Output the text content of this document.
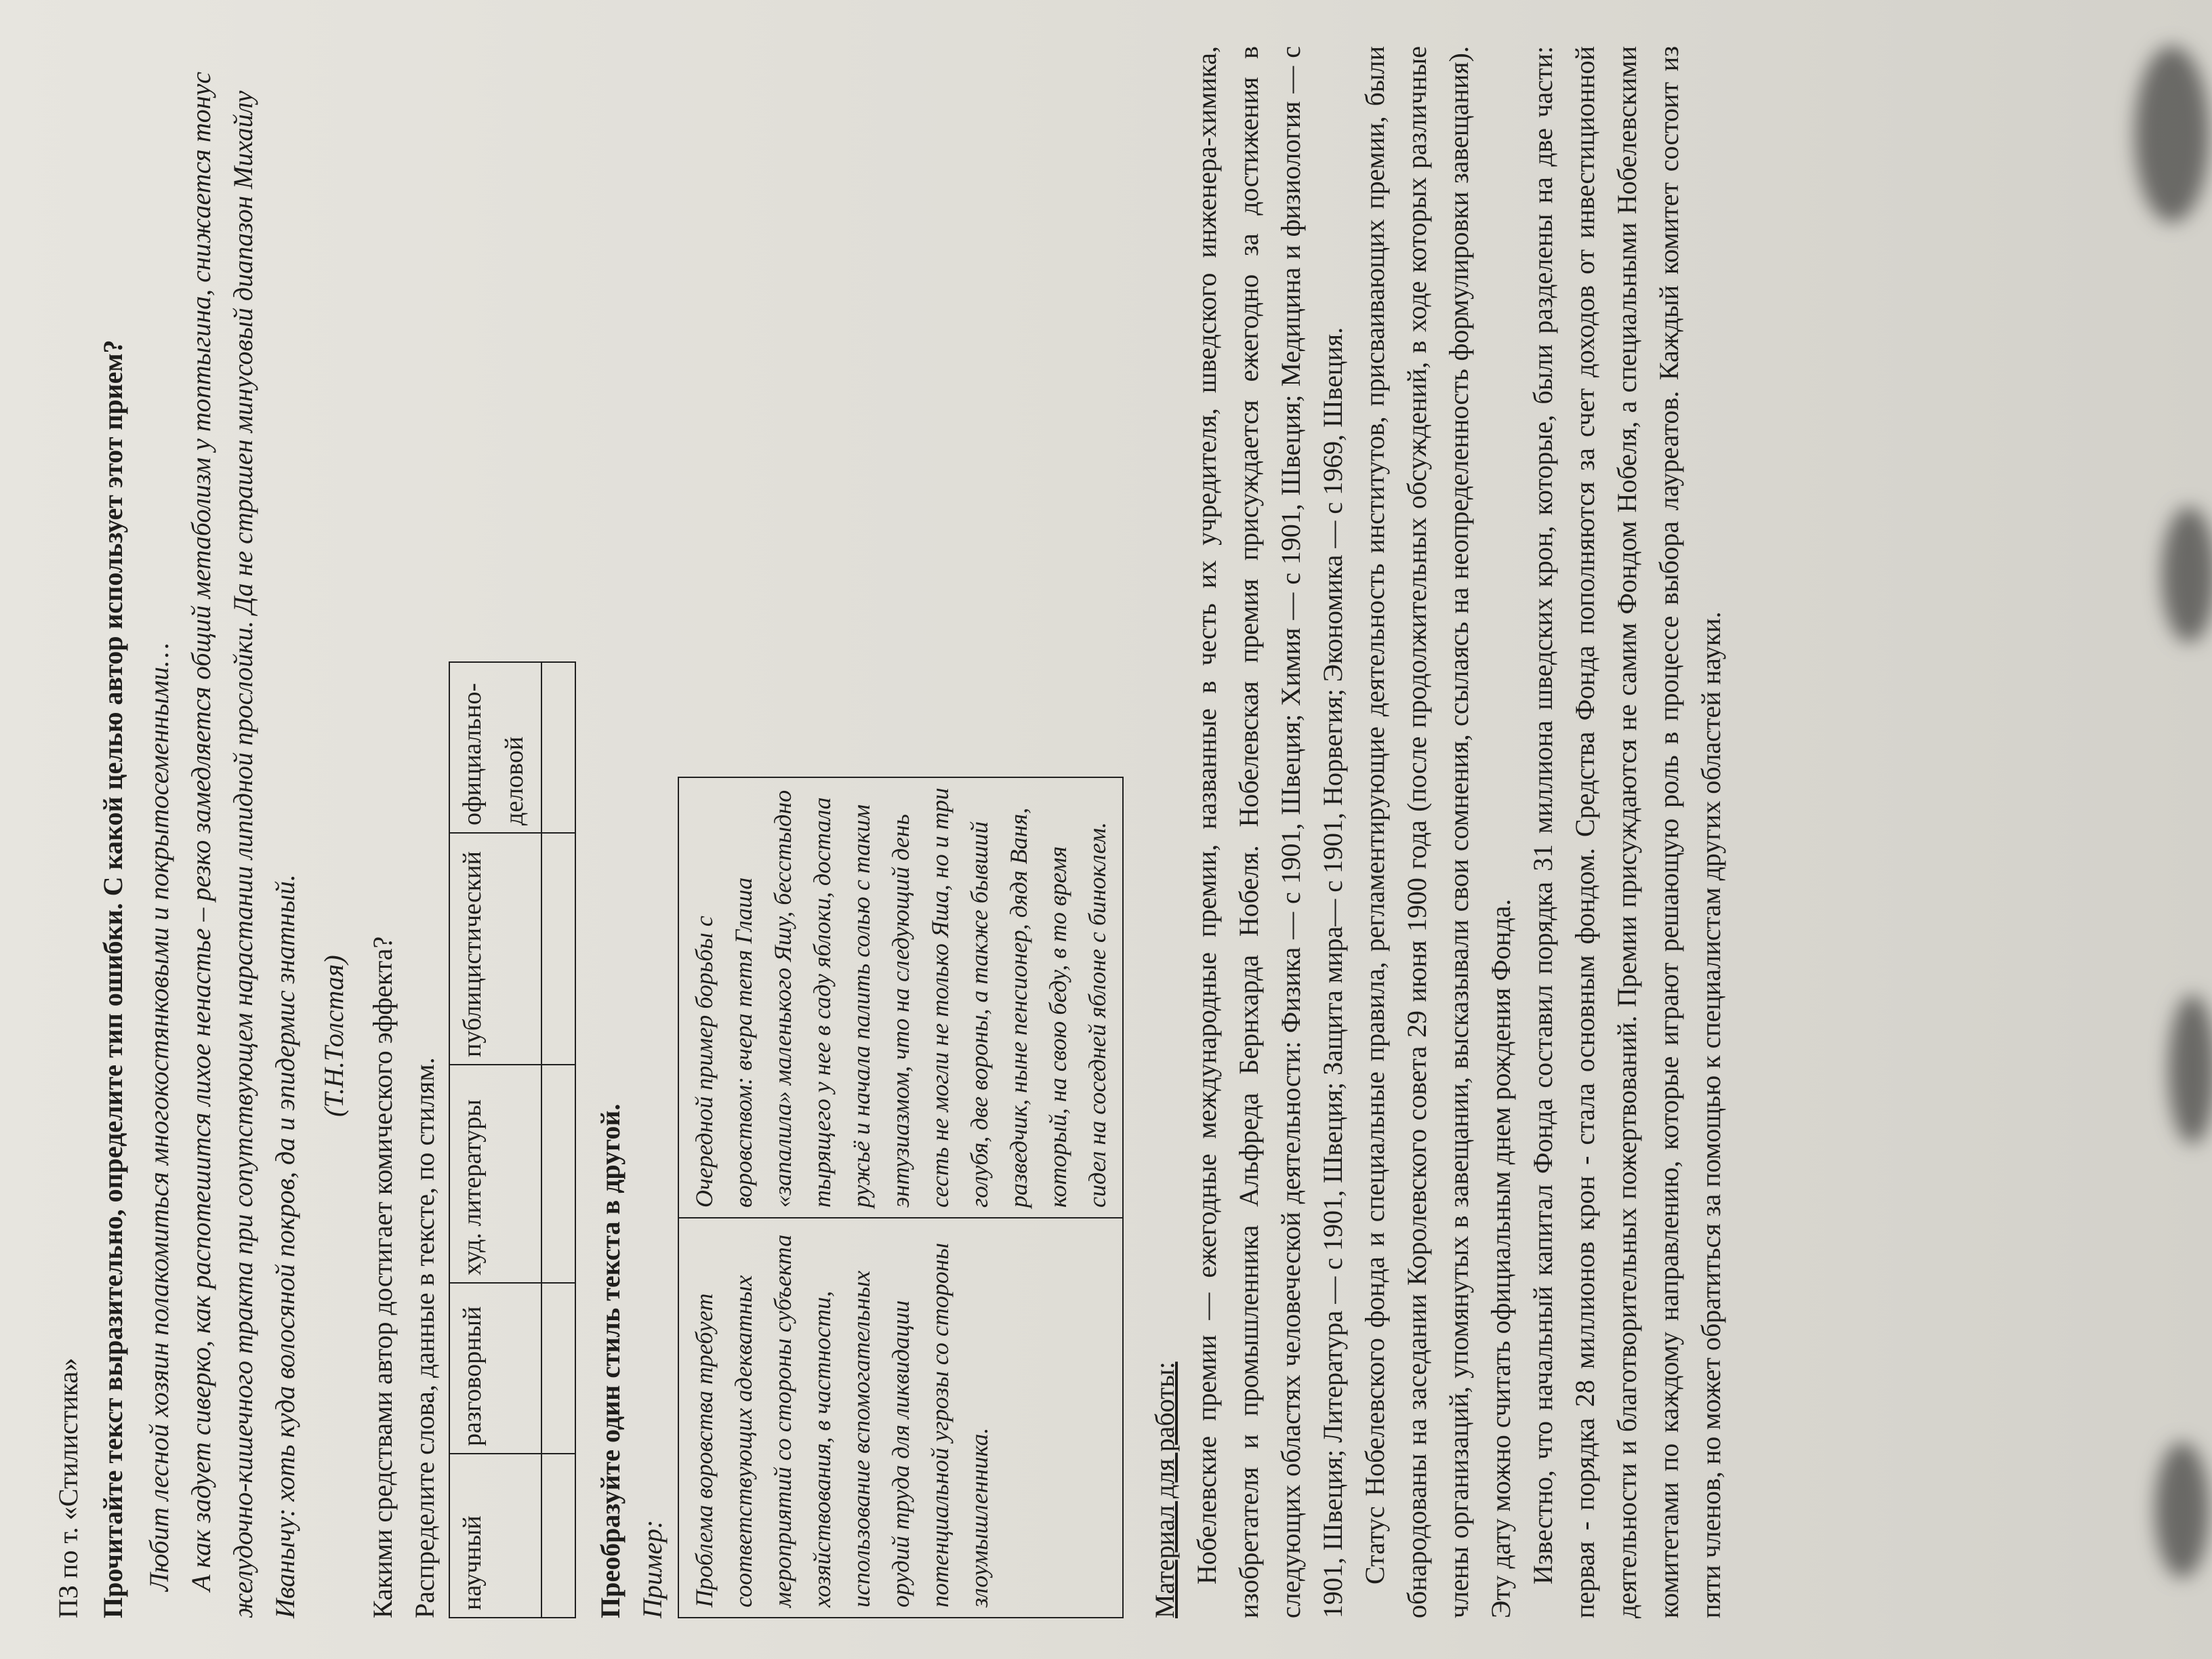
ПЗ по т. «Стилистика» Прочитайте текст выразительно, определите тип ошибки. С какой целью автор использует этот прием? Любит лесной хозяин полакомиться многокостянковыми и покрытосеменными… А как задует сиверко, как распотешится лихое ненастье – резко замедляется общий метаболизм у топтыгина, снижается тонус желудочно-кишечного тракта при сопутствующем нарастании липидной прослойки. Да не страшен минусовый диапазон Михайлу Иванычу: хоть куда волосяной покров, да и эпидермис знатный. (Т.Н.Толстая) Какими средствами автор достигает комического эффекта? Распределите слова, данные в тексте, по стилям. научный	разговорный	худ. литературы	публицистический	официально-деловой

Преобразуйте один стиль текста в другой. Пример: Проблема воровства требует соответствующих адекватных мероприятий со стороны субъекта хозяйствования, в частности, использование вспомогательных орудий труда для ликвидации потенциальной угрозы со стороны злоумышленника.	Очередной пример борьбы с воровством: вчера тетя Глаша «запалила» маленького Яшу, бесстыдно тырящего у нее в саду яблоки, достала ружьё и начала палить солью с таким энтузиазмом, что на следующий день сесть не могли не только Яша, но и три голубя, две вороны, а также бывший разведчик, ныне пенсионер, дядя Ваня, который, на свою беду, в то время сидел на соседней яблоне с биноклем.
Материал для работы: Нобелевские премии — ежегодные международные премии, названные в честь их учредителя, шведского инженера-химика, изобретателя и промышленника Альфреда Бернхарда Нобеля. Нобелевская премия присуждается ежегодно за достижения в следующих областях человеческой деятельности: Физика — с 1901, Швеция; Химия — с 1901, Швеция; Медицина и физиология — с 1901, Швеция; Литература — с 1901, Швеция; Защита мира— с 1901, Норвегия; Экономика — с 1969, Швеция. Статус Нобелевского фонда и специальные правила, регламентирующие деятельность институтов, присваивающих премии, были обнародованы на заседании Королевского совета 29 июня 1900 года (после продолжительных обсуждений, в ходе которых различные члены организаций, упомянутых в завещании, высказывали свои сомнения, ссылаясь на неопределенность формулировки завещания). Эту дату можно считать официальным днем рождения Фонда. Известно, что начальный капитал Фонда составил порядка 31 миллиона шведских крон, которые, были разделены на две части: первая - порядка 28 миллионов крон - стала основным фондом. Средства Фонда пополняются за счет доходов от инвестиционной деятельности и благотворительных пожертвований. Премии присуждаются не самим Фондом Нобеля, а специальными Нобелевскими комитетами по каждому направлению, которые играют решающую роль в процессе выбора лауреатов. Каждый комитет состоит из пяти членов, но может обратиться за помощью к специалистам других областей науки.
